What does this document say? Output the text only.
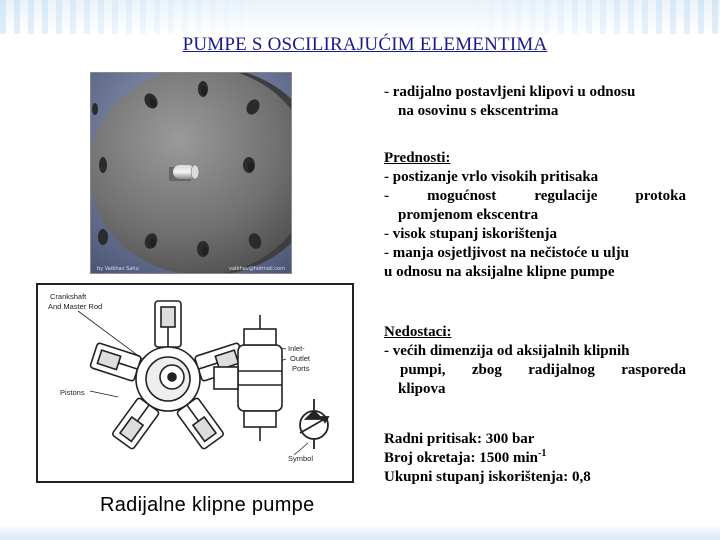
PUMPE S OSCILIRAJUĆIM ELEMENTIMA
by Vaibhav Sahu	vaibhav@hotmail.com
Crankshaft
And Master Rod
Pistons
Inlet-
Outlet
Ports
Symbol
Radijalne klipne pumpe

- radijalno postavljeni klipovi u odnosu

na osovinu s ekscentrima

Prednosti:

- postizanje vrlo visokih pritisaka

- mogućnost regulacije protoka

promjenom ekscentra

- visok stupanj iskorištenja

- manja osjetljivost na nečistoće u ulju

u odnosu na aksijalne klipne pumpe

Nedostaci:

- većih dimenzija od aksijalnih klipnih

pumpi, zbog radijalnog rasporeda

klipova

Radni pritisak: 300 bar

Broj okretaja: 1500 $\min^{-1}$

Ukupni stupanj iskorištenja: 0,8
